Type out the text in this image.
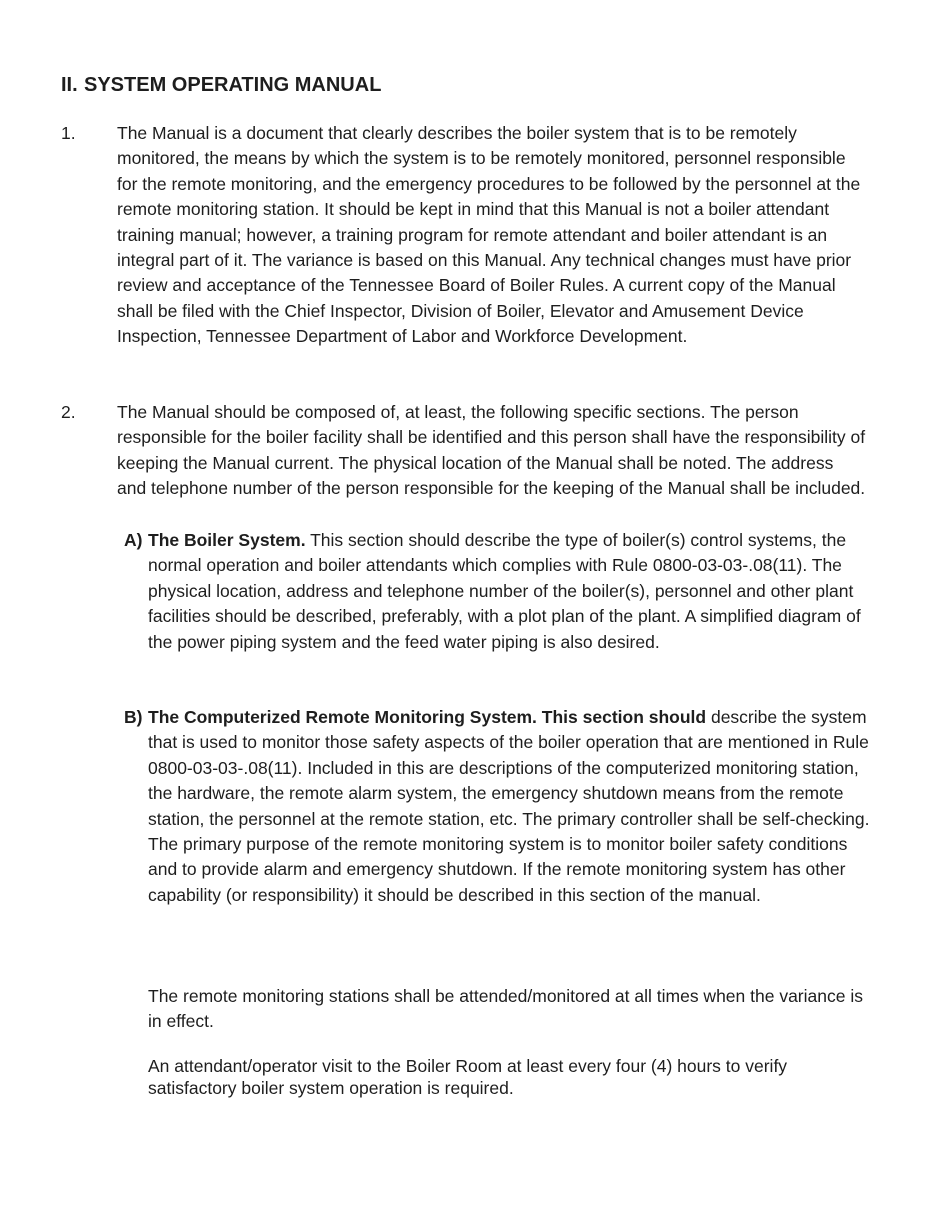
II. SYSTEM OPERATING MANUAL
1. The Manual is a document that clearly describes the boiler system that is to be remotely monitored, the means by which the system is to be remotely monitored, personnel responsible for the remote monitoring, and the emergency procedures to be followed by the personnel at the remote monitoring station. It should be kept in mind that this Manual is not a boiler attendant training manual; however, a training program for remote attendant and boiler attendant is an integral part of it. The variance is based on this Manual. Any technical changes must have prior review and acceptance of the Tennessee Board of Boiler Rules. A current copy of the Manual shall be filed with the Chief Inspector, Division of Boiler, Elevator and Amusement Device Inspection, Tennessee Department of Labor and Workforce Development.
2. The Manual should be composed of, at least, the following specific sections. The person responsible for the boiler facility shall be identified and this person shall have the responsibility of keeping the Manual current. The physical location of the Manual shall be noted. The address and telephone number of the person responsible for the keeping of the Manual shall be included.
A) The Boiler System. This section should describe the type of boiler(s) control systems, the normal operation and boiler attendants which complies with Rule 0800-03-03-.08(11). The physical location, address and telephone number of the boiler(s), personnel and other plant facilities should be described, preferably, with a plot plan of the plant. A simplified diagram of the power piping system and the feed water piping is also desired.
B) The Computerized Remote Monitoring System. This section should describe the system that is used to monitor those safety aspects of the boiler operation that are mentioned in Rule 0800-03-03-.08(11). Included in this are descriptions of the computerized monitoring station, the hardware, the remote alarm system, the emergency shutdown means from the remote station, the personnel at the remote station, etc. The primary controller shall be self-checking. The primary purpose of the remote monitoring system is to monitor boiler safety conditions and to provide alarm and emergency shutdown. If the remote monitoring system has other capability (or responsibility) it should be described in this section of the manual.
The remote monitoring stations shall be attended/monitored at all times when the variance is in effect.
An attendant/operator visit to the Boiler Room at least every four (4) hours to verify satisfactory boiler system operation is required.
